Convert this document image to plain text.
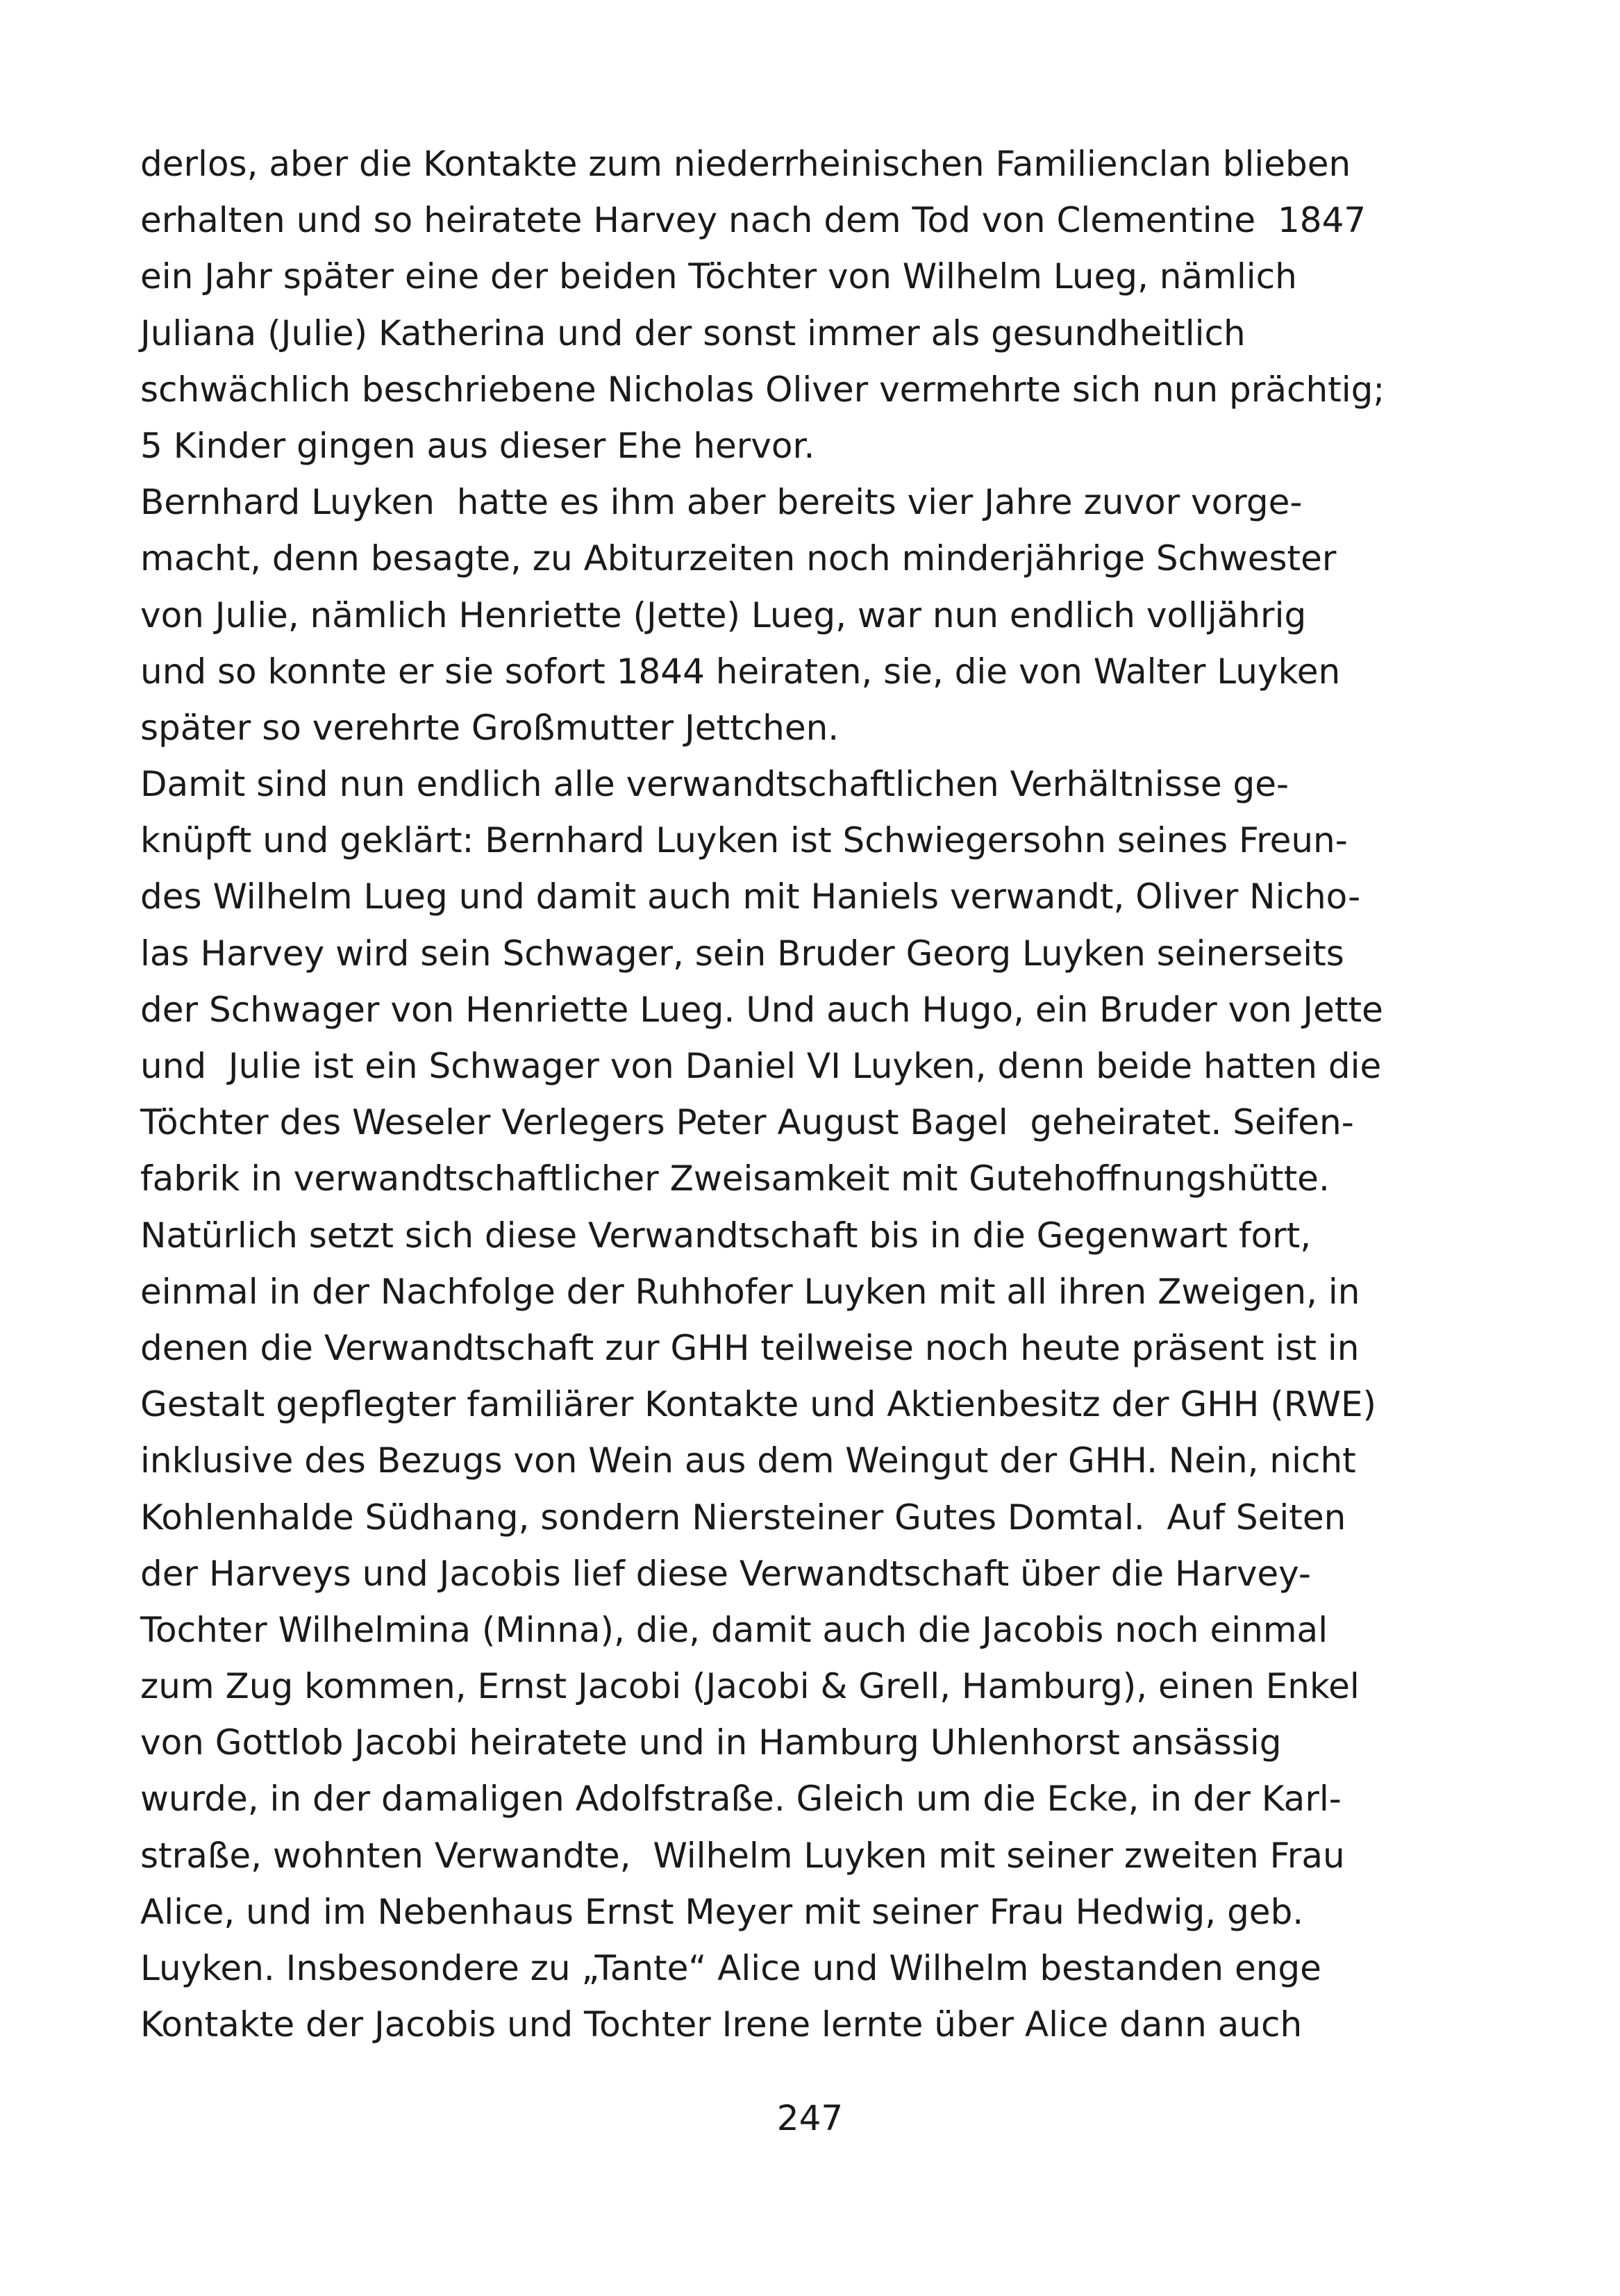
derlos, aber die Kontakte zum niederrheinischen Familienclan blieben
erhalten und so heiratete Harvey nach dem Tod von Clementine  1847
ein Jahr später eine der beiden Töchter von Wilhelm Lueg, nämlich
Juliana (Julie) Katherina und der sonst immer als gesundheitlich
schwächlich beschriebene Nicholas Oliver vermehrte sich nun prächtig;
5 Kinder gingen aus dieser Ehe hervor.
Bernhard Luyken  hatte es ihm aber bereits vier Jahre zuvor vorge-
macht, denn besagte, zu Abiturzeiten noch minderjährige Schwester
von Julie, nämlich Henriette (Jette) Lueg, war nun endlich volljährig
und so konnte er sie sofort 1844 heiraten, sie, die von Walter Luyken
später so verehrte Großmutter Jettchen.
Damit sind nun endlich alle verwandtschaftlichen Verhältnisse ge-
knüpft und geklärt: Bernhard Luyken ist Schwiegersohn seines Freun-
des Wilhelm Lueg und damit auch mit Haniels verwandt, Oliver Nicho-
las Harvey wird sein Schwager, sein Bruder Georg Luyken seinerseits
der Schwager von Henriette Lueg. Und auch Hugo, ein Bruder von Jette
und  Julie ist ein Schwager von Daniel VI Luyken, denn beide hatten die
Töchter des Weseler Verlegers Peter August Bagel  geheiratet. Seifen-
fabrik in verwandtschaftlicher Zweisamkeit mit Gutehoffnungshütte.
Natürlich setzt sich diese Verwandtschaft bis in die Gegenwart fort,
einmal in der Nachfolge der Ruhhofer Luyken mit all ihren Zweigen, in
denen die Verwandtschaft zur GHH teilweise noch heute präsent ist in
Gestalt gepflegter familiärer Kontakte und Aktienbesitz der GHH (RWE)
inklusive des Bezugs von Wein aus dem Weingut der GHH. Nein, nicht
Kohlenhalde Südhang, sondern Niersteiner Gutes Domtal.  Auf Seiten
der Harveys und Jacobis lief diese Verwandtschaft über die Harvey-
Tochter Wilhelmina (Minna), die, damit auch die Jacobis noch einmal
zum Zug kommen, Ernst Jacobi (Jacobi & Grell, Hamburg), einen Enkel
von Gottlob Jacobi heiratete und in Hamburg Uhlenhorst ansässig
wurde, in der damaligen Adolfstraße. Gleich um die Ecke, in der Karl-
straße, wohnten Verwandte,  Wilhelm Luyken mit seiner zweiten Frau
Alice, und im Nebenhaus Ernst Meyer mit seiner Frau Hedwig, geb.
Luyken. Insbesondere zu „Tante“ Alice und Wilhelm bestanden enge
Kontakte der Jacobis und Tochter Irene lernte über Alice dann auch
247
